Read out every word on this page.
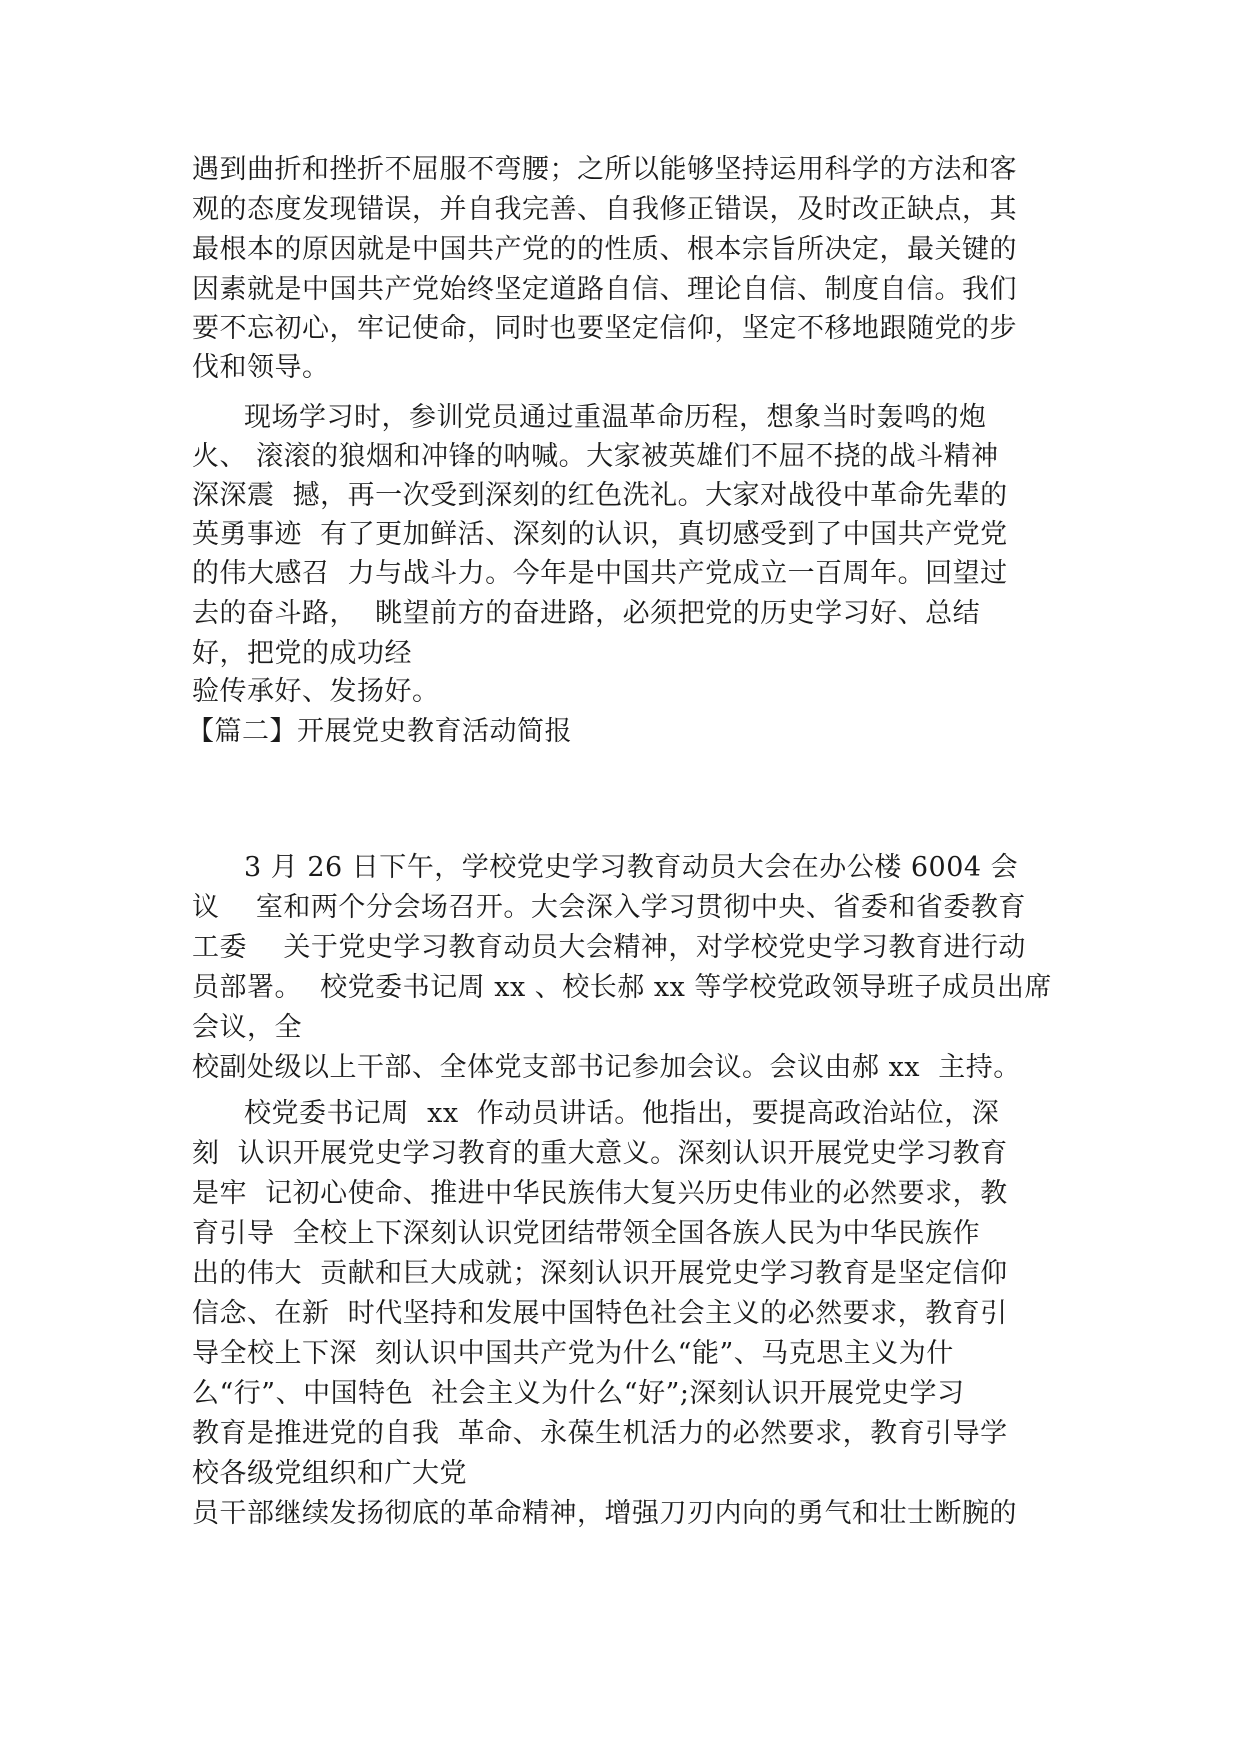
遇到曲折和挫折不屈服不弯腰；之所以能够坚持运用科学的方法和客
观的态度发现错误，并自我完善、自我修正错误，及时改正缺点，其
最根本的原因就是中国共产党的的性质、根本宗旨所决定，最关键的
因素就是中国共产党始终坚定道路自信、理论自信、制度自信。我们
要不忘初心，牢记使命，同时也要坚定信仰，坚定不移地跟随党的步
伐和领导。
现场学习时，参训党员通过重温革命历程，想象当时轰鸣的炮
火、 滚滚的狼烟和冲锋的呐喊。大家被英雄们不屈不挠的战斗精神
深深震  撼，再一次受到深刻的红色洗礼。大家对战役中革命先辈的
英勇事迹  有了更加鲜活、深刻的认识，真切感受到了中国共产党党
的伟大感召  力与战斗力。今年是中国共产党成立一百周年。回望过
去的奋斗路，  眺望前方的奋进路，必须把党的历史学习好、总结
好，把党的成功经
验传承好、发扬好。
【篇二】开展党史教育活动简报
3 月 26 日下午，学校党史学习教育动员大会在办公楼 6004 会
议    室和两个分会场召开。大会深入学习贯彻中央、省委和省委教育
工委    关于党史学习教育动员大会精神，对学校党史学习教育进行动
员部署。  校党委书记周 xx 、校长郝 xx 等学校党政领导班子成员出席
会议，全
校副处级以上干部、全体党支部书记参加会议。会议由郝 xx  主持。
校党委书记周  xx  作动员讲话。他指出，要提高政治站位，深
刻  认识开展党史学习教育的重大意义。深刻认识开展党史学习教育
是牢  记初心使命、推进中华民族伟大复兴历史伟业的必然要求，教
育引导  全校上下深刻认识党团结带领全国各族人民为中华民族作
出的伟大  贡献和巨大成就；深刻认识开展党史学习教育是坚定信仰
信念、在新  时代坚持和发展中国特色社会主义的必然要求，教育引
导全校上下深  刻认识中国共产党为什么“能”、马克思主义为什
么“行”、中国特色  社会主义为什么“好”;深刻认识开展党史学习
教育是推进党的自我  革命、永葆生机活力的必然要求，教育引导学
校各级党组织和广大党
员干部继续发扬彻底的革命精神，增强刀刃内向的勇气和壮士断腕的
